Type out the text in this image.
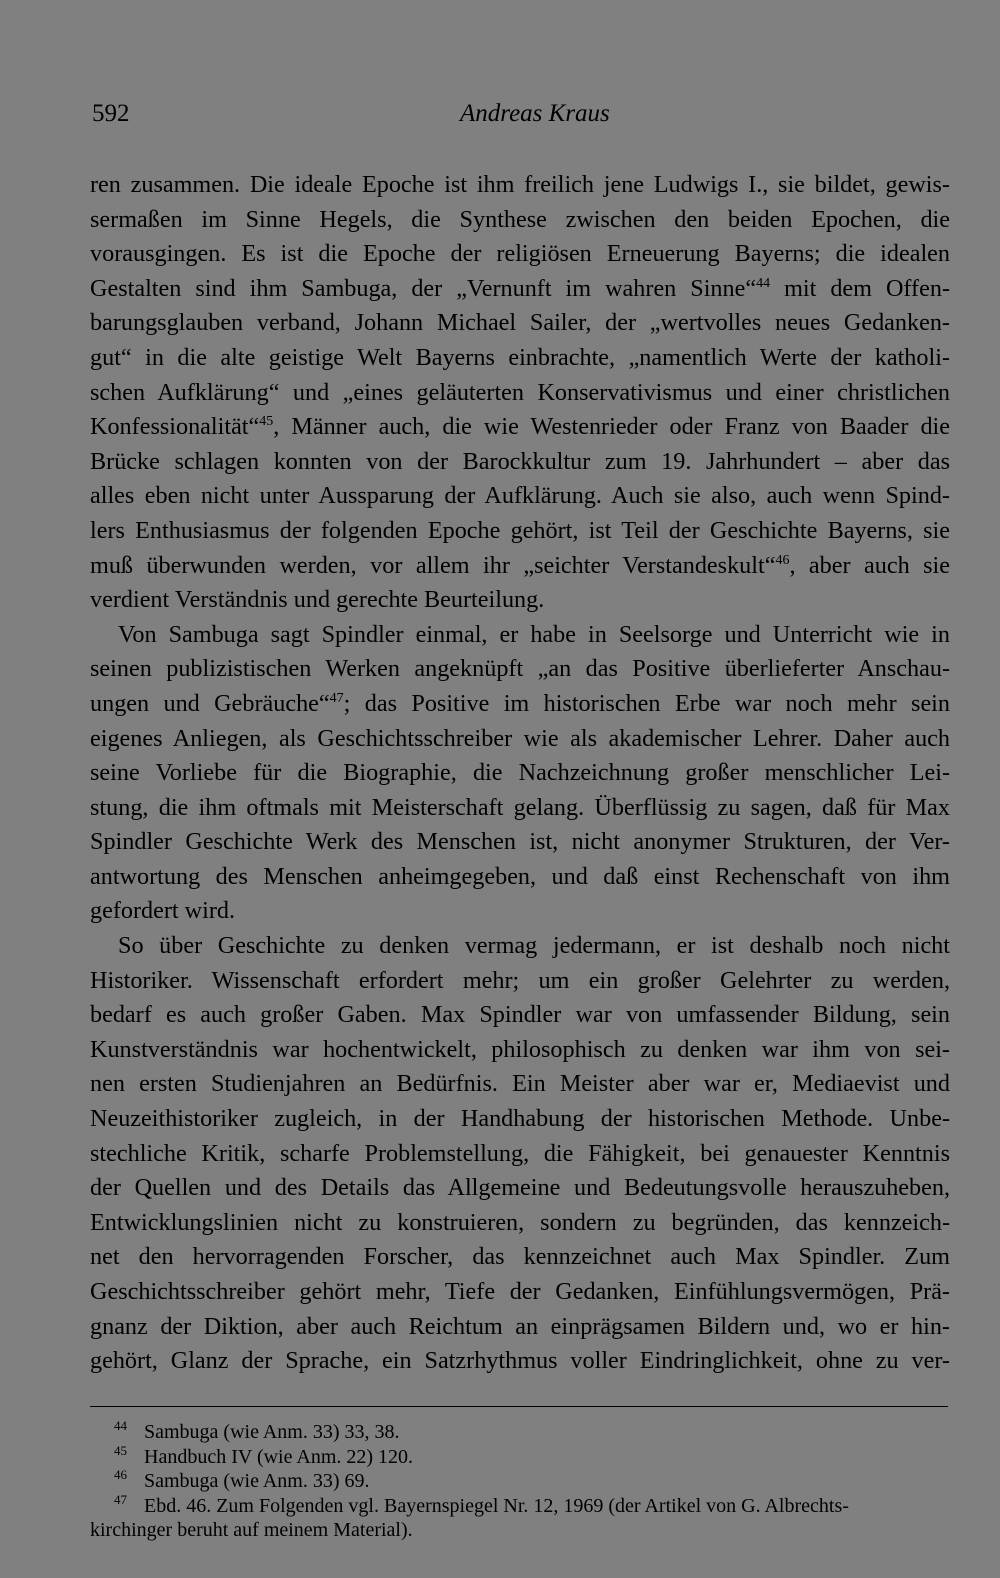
592	Andreas Kraus
ren zusammen. Die ideale Epoche ist ihm freilich jene Ludwigs I., sie bildet, gewis-
sermaßen im Sinne Hegels, die Synthese zwischen den beiden Epochen, die
vorausgingen. Es ist die Epoche der religiösen Erneuerung Bayerns; die idealen
Gestalten sind ihm Sambuga, der „Vernunft im wahren Sinne“$^{44}$ mit dem Offen-
barungsglauben verband, Johann Michael Sailer, der „wertvolles neues Gedanken-
gut“ in die alte geistige Welt Bayerns einbrachte, „namentlich Werte der katholi-
schen Aufklärung“ und „eines geläuterten Konservativismus und einer christlichen
Konfessionalität“$^{45}$, Männer auch, die wie Westenrieder oder Franz von Baader die
Brücke schlagen konnten von der Barockkultur zum 19. Jahrhundert – aber das
alles eben nicht unter Aussparung der Aufklärung. Auch sie also, auch wenn Spind-
lers Enthusiasmus der folgenden Epoche gehört, ist Teil der Geschichte Bayerns, sie
muß überwunden werden, vor allem ihr „seichter Verstandeskult“$^{46}$, aber auch sie
verdient Verständnis und gerechte Beurteilung.
Von Sambuga sagt Spindler einmal, er habe in Seelsorge und Unterricht wie in
seinen publizistischen Werken angeknüpft „an das Positive überlieferter Anschau-
ungen und Gebräuche“$^{47}$; das Positive im historischen Erbe war noch mehr sein
eigenes Anliegen, als Geschichtsschreiber wie als akademischer Lehrer. Daher auch
seine Vorliebe für die Biographie, die Nachzeichnung großer menschlicher Lei-
stung, die ihm oftmals mit Meisterschaft gelang. Überflüssig zu sagen, daß für Max
Spindler Geschichte Werk des Menschen ist, nicht anonymer Strukturen, der Ver-
antwortung des Menschen anheimgegeben, und daß einst Rechenschaft von ihm
gefordert wird.
So über Geschichte zu denken vermag jedermann, er ist deshalb noch nicht
Historiker. Wissenschaft erfordert mehr; um ein großer Gelehrter zu werden,
bedarf es auch großer Gaben. Max Spindler war von umfassender Bildung, sein
Kunstverständnis war hochentwickelt, philosophisch zu denken war ihm von sei-
nen ersten Studienjahren an Bedürfnis. Ein Meister aber war er, Mediaevist und
Neuzeithistoriker zugleich, in der Handhabung der historischen Methode. Unbe-
stechliche Kritik, scharfe Problemstellung, die Fähigkeit, bei genauester Kenntnis
der Quellen und des Details das Allgemeine und Bedeutungsvolle herauszuheben,
Entwicklungslinien nicht zu konstruieren, sondern zu begründen, das kennzeich-
net den hervorragenden Forscher, das kennzeichnet auch Max Spindler. Zum
Geschichtsschreiber gehört mehr, Tiefe der Gedanken, Einfühlungsvermögen, Prä-
gnanz der Diktion, aber auch Reichtum an einprägsamen Bildern und, wo er hin-
gehört, Glanz der Sprache, ein Satzrhythmus voller Eindringlichkeit, ohne zu ver-
44 Sambuga (wie Anm. 33) 33, 38.
45 Handbuch IV (wie Anm. 22) 120.
46 Sambuga (wie Anm. 33) 69.
47 Ebd. 46. Zum Folgenden vgl. Bayernspiegel Nr. 12, 1969 (der Artikel von G. Albrechts-
kirchinger beruht auf meinem Material).
